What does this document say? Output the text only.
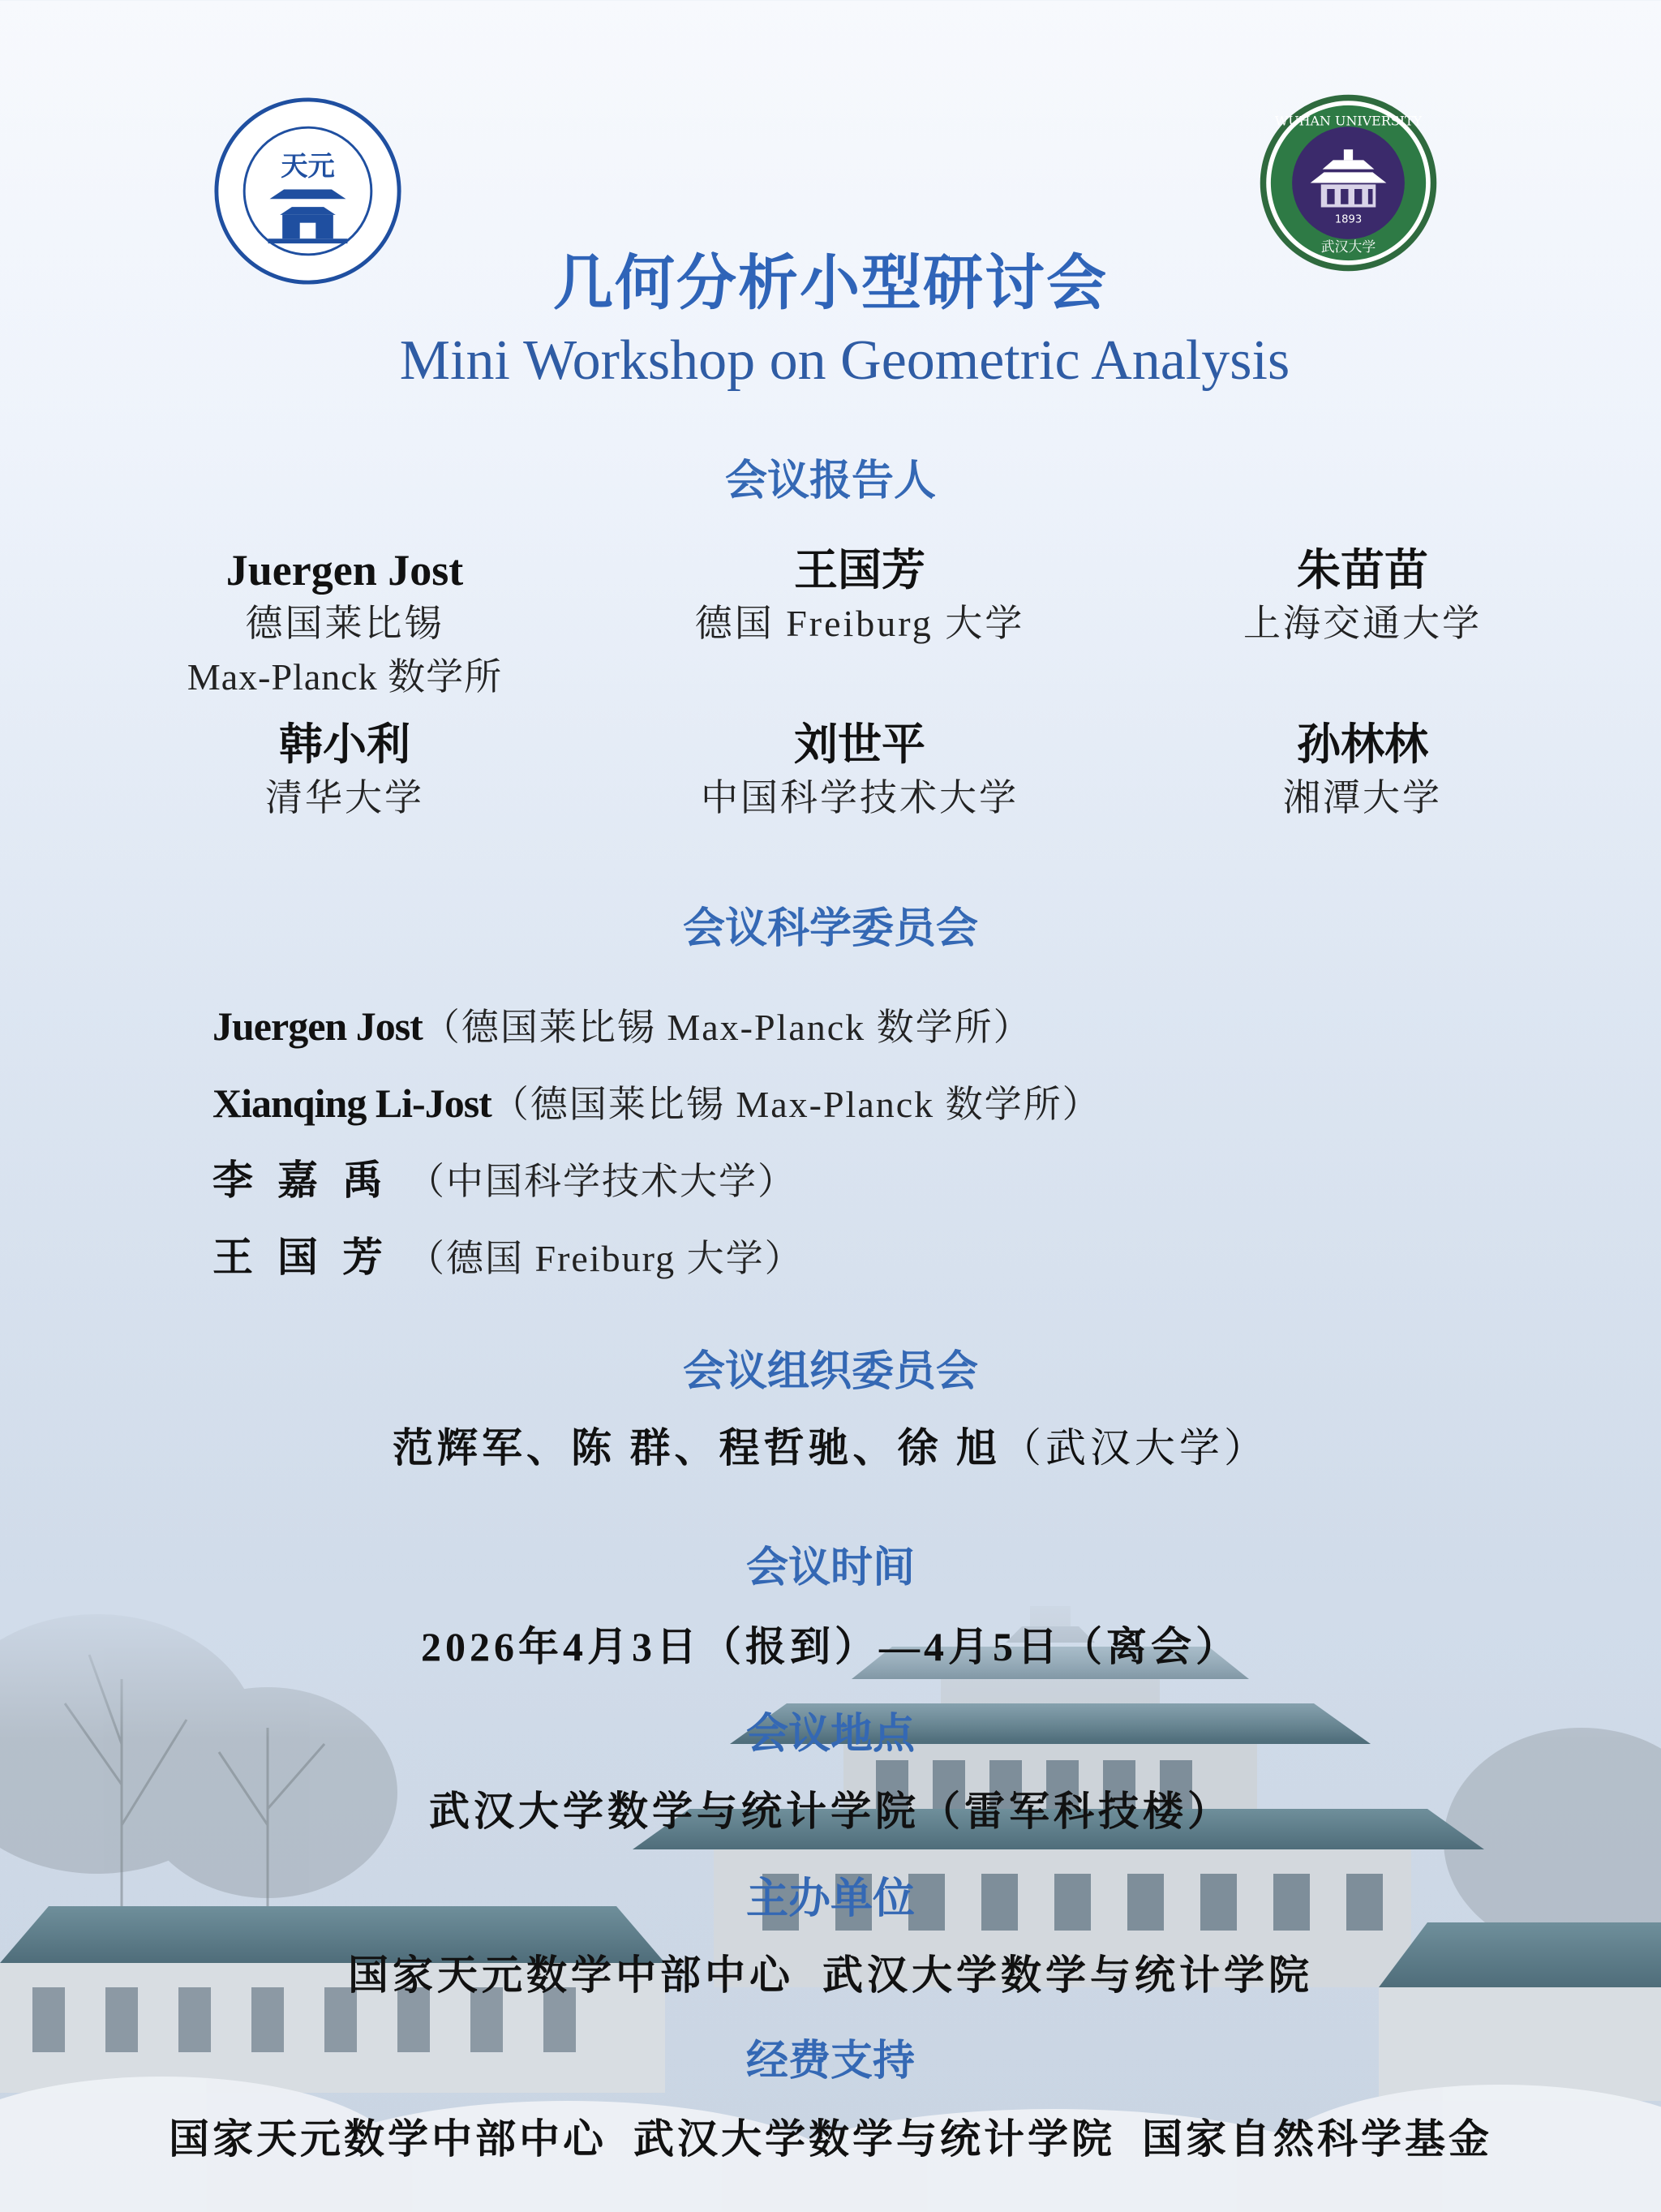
天元
WUHAN UNIVERSITY
1893
武汉大学
几何分析小型研讨会
Mini Workshop on Geometric Analysis
会议报告人
Juergen Jost
德国莱比锡
Max-Planck 数学所
王国芳
德国 Freiburg 大学
朱苗苗
上海交通大学
韩小利
清华大学
刘世平
中国科学技术大学
孙林林
湘潭大学
会议科学委员会
Juergen Jost（德国莱比锡 Max-Planck 数学所）
Xianqing Li-Jost（德国莱比锡 Max-Planck 数学所）
李嘉禹（中国科学技术大学）
王国芳（德国 Freiburg 大学）
会议组织委员会
范辉军、陈 群、程哲驰、徐 旭（武汉大学）
会议时间
2026年4月3日（报到）—4月5日（离会）
会议地点
武汉大学数学与统计学院（雷军科技楼）
主办单位
国家天元数学中部中心  武汉大学数学与统计学院
经费支持
国家天元数学中部中心  武汉大学数学与统计学院  国家自然科学基金
